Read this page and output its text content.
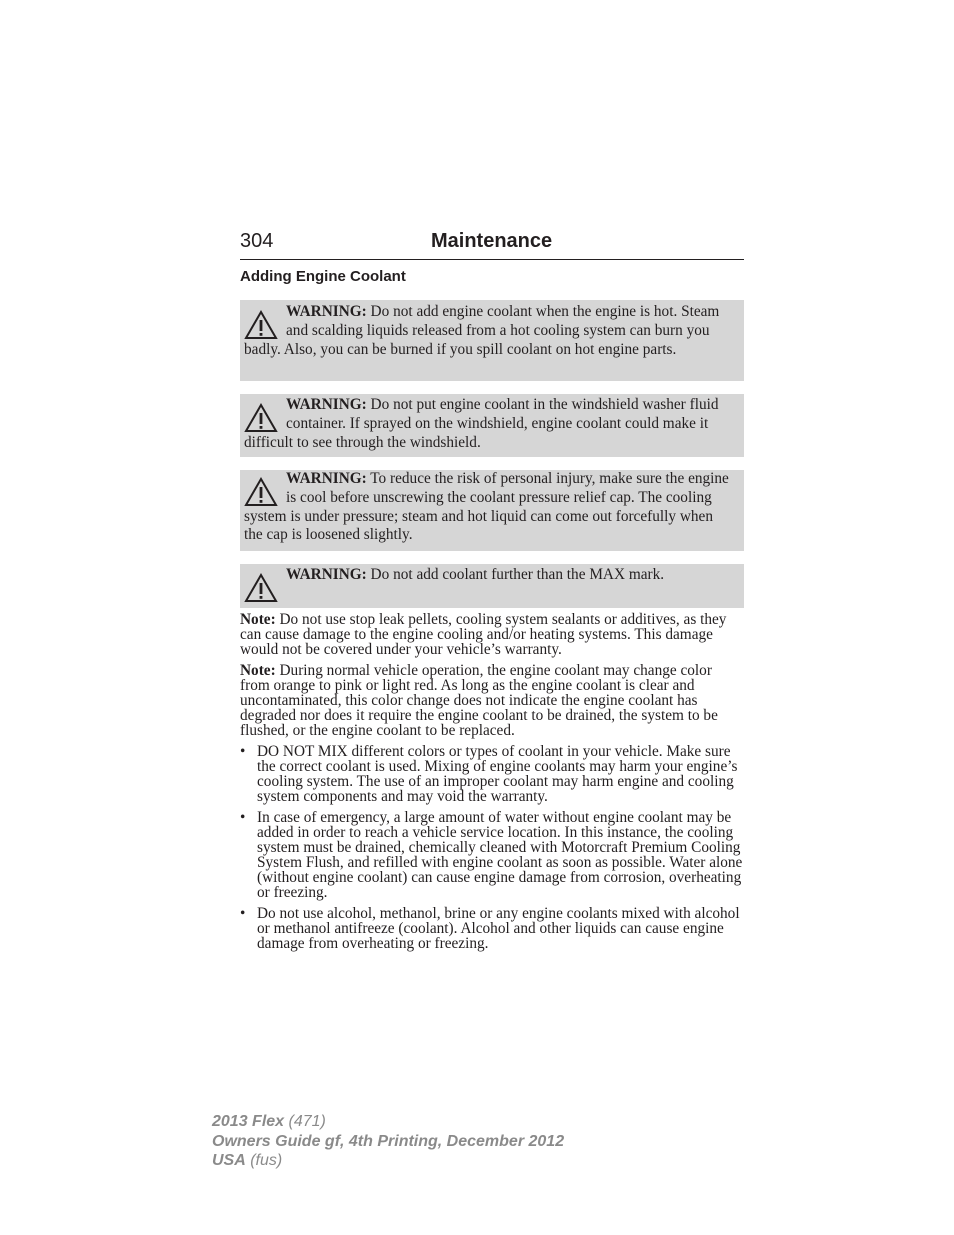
304	Maintenance
Adding Engine Coolant
WARNING: Do not add engine coolant when the engine is hot. Steam and scalding liquids released from a hot cooling system can burn you badly. Also, you can be burned if you spill coolant on hot engine parts.
WARNING: Do not put engine coolant in the windshield washer fluid container. If sprayed on the windshield, engine coolant could make it difficult to see through the windshield.
WARNING: To reduce the risk of personal injury, make sure the engine is cool before unscrewing the coolant pressure relief cap. The cooling system is under pressure; steam and hot liquid can come out forcefully when the cap is loosened slightly.
WARNING: Do not add coolant further than the MAX mark.

Note: Do not use stop leak pellets, cooling system sealants or additives, as they can cause damage to the engine cooling and/or heating systems. This damage would not be covered under your vehicle’s warranty.

Note: During normal vehicle operation, the engine coolant may change color from orange to pink or light red. As long as the engine coolant is clear and uncontaminated, this color change does not indicate the engine coolant has degraded nor does it require the engine coolant to be drained, the system to be flushed, or the engine coolant to be replaced.

• DO NOT MIX different colors or types of coolant in your vehicle. Make sure the correct coolant is used. Mixing of engine coolants may harm your engine’s cooling system. The use of an improper coolant may harm engine and cooling system components and may void the warranty.
• In case of emergency, a large amount of water without engine coolant may be added in order to reach a vehicle service location. In this instance, the cooling system must be drained, chemically cleaned with Motorcraft Premium Cooling System Flush, and refilled with engine coolant as soon as possible. Water alone (without engine coolant) can cause engine damage from corrosion, overheating or freezing.
• Do not use alcohol, methanol, brine or any engine coolants mixed with alcohol or methanol antifreeze (coolant). Alcohol and other liquids can cause engine damage from overheating or freezing.
2013 Flex (471)
Owners Guide gf, 4th Printing, December 2012
USA (fus)
